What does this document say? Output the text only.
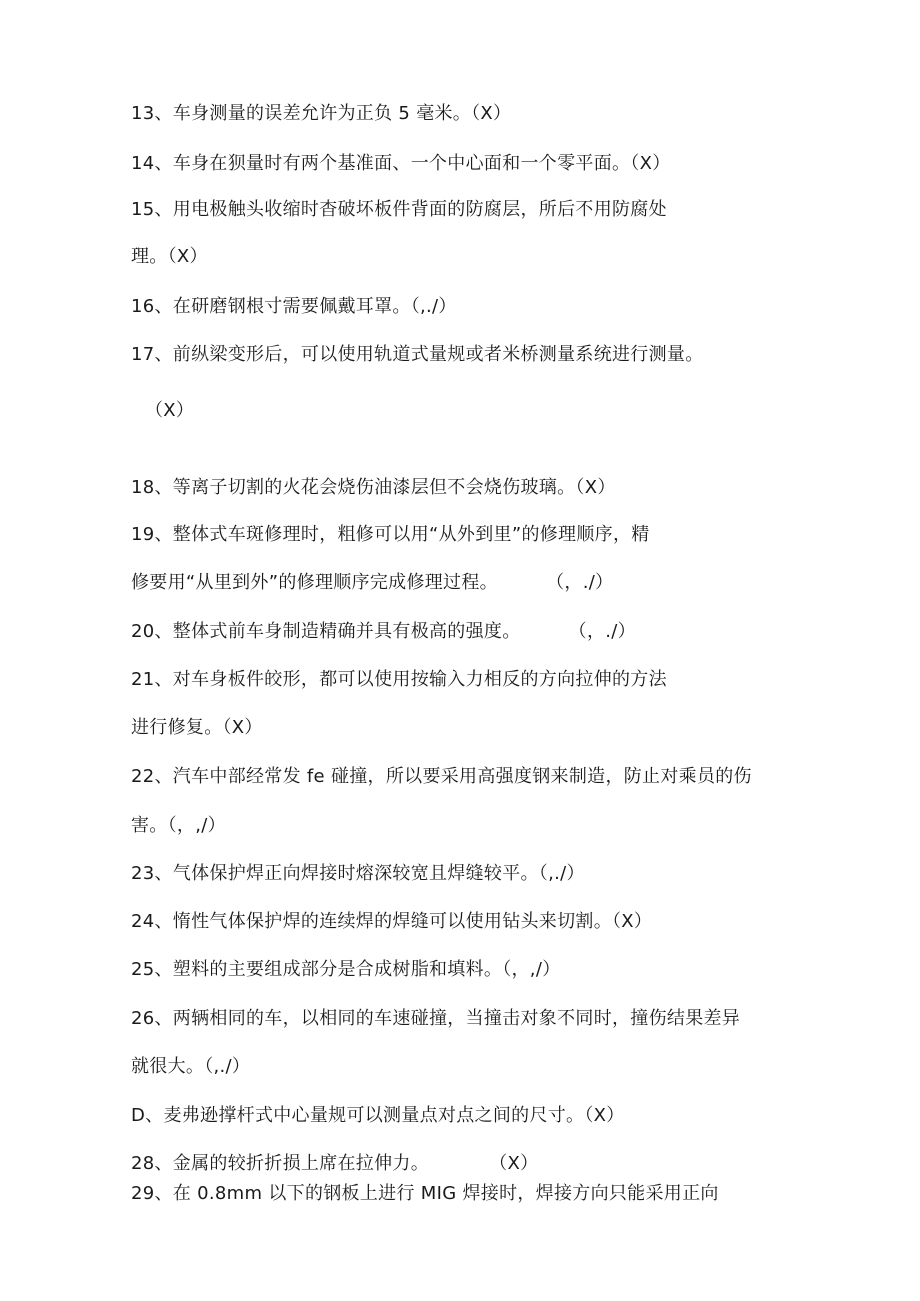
13、车身测量的误差允许为正负 5 毫米。（X）
14、车身在狈量时有两个基准面、一个中心面和一个零平面。（X）
15、用电极触头收缩时杳破坏板件背面的防腐层，所后不用防腐处
理。（X）
16、在研磨钢根寸需要佩戴耳罩。（,./）
17、前纵梁变形后，可以使用轨道式量规或者米桥测量系统进行测量。
（X）
18、等离子切割的火花会烧伤油漆层但不会烧伤玻璃。（X）
19、整体式车斑修理时，粗修可以用“从外到里”的修理顺序，精
修要用“从里到外”的修理顺序完成修理过程。        （，./）
20、整体式前车身制造精确并具有极高的强度。        （，./）
21、对车身板件皎形，都可以使用按输入力相反的方向拉伸的方法
进行修复。（X）
22、汽车中部经常发 fe 碰撞，所以要采用高强度钢来制造，防止对乘员的伤
害。（，,/）
23、气体保护焊正向焊接时熔深较宽且焊缝较平。（,./）
24、惰性气体保护焊的连续焊的焊缝可以使用钻头来切割。（X）
25、塑料的主要组成部分是合成树脂和填料。（，,/）
26、两辆相同的车，以相同的车速碰撞，当撞击对象不同时，撞伤结果差异
就很大。（,./）
D、麦弗逊撑杆式中心量规可以测量点对点之间的尺寸。（X）
28、金属的较折折损上席在拉伸力。          （X）
29、在 0.8mm 以下的钢板上进行 MIG 焊接时，焊接方向只能采用正向
